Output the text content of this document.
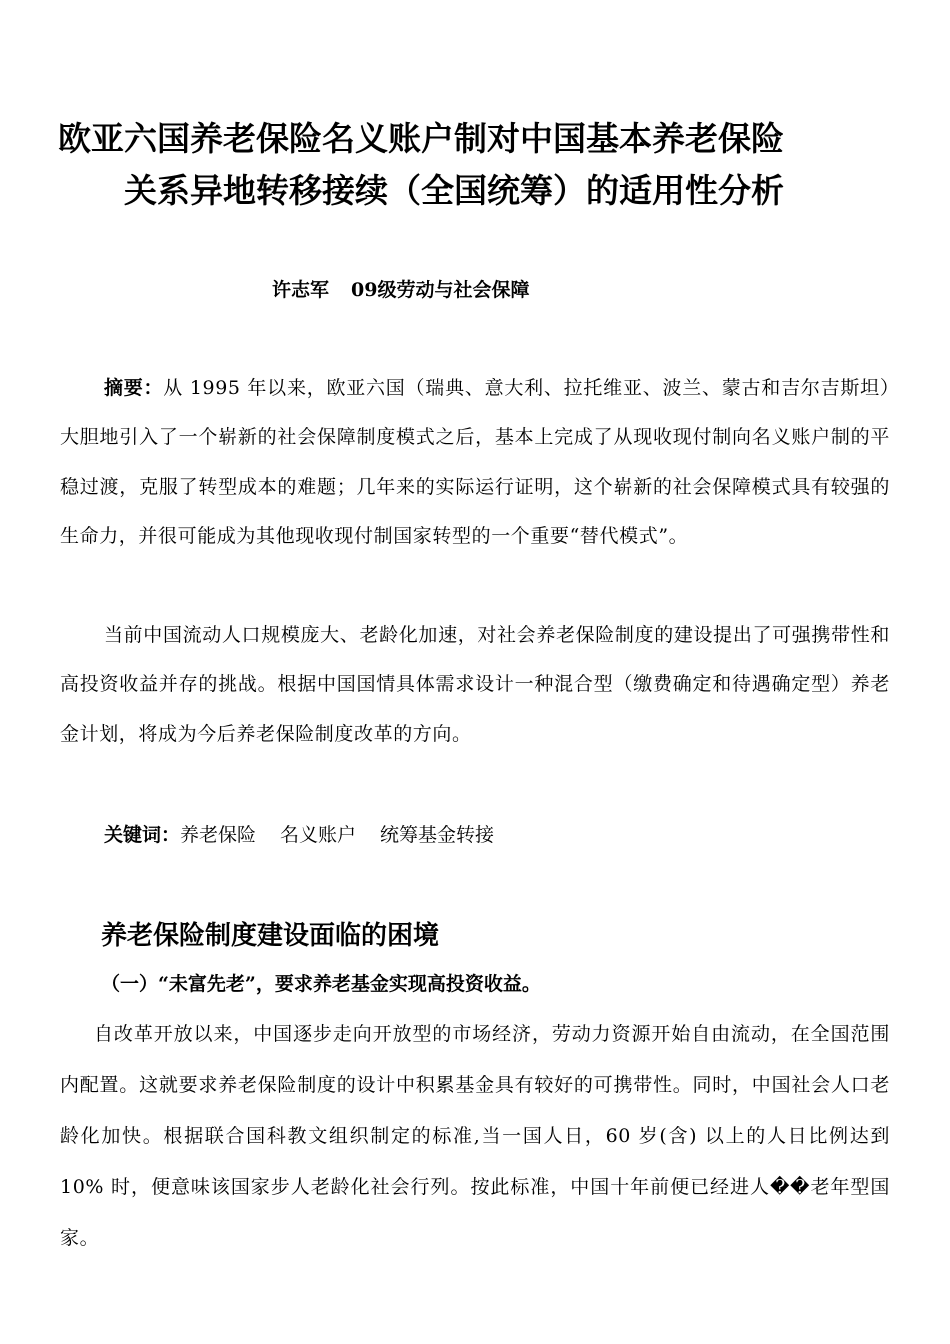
欧亚六国养老保险名义账户制对中国基本养老保险
关系异地转移接续（全国统筹）的适用性分析
许志军 09级劳动与社会保障
摘要：从 1995 年以来，欧亚六国（瑞典、意大利、拉托维亚、波兰、蒙古和吉尔吉斯坦）大胆地引入了一个崭新的社会保障制度模式之后，基本上完成了从现收现付制向名义账户制的平稳过渡，克服了转型成本的难题；几年来的实际运行证明，这个崭新的社会保障模式具有较强的生命力，并很可能成为其他现收现付制国家转型的一个重要“替代模式”。
当前中国流动人口规模庞大、老龄化加速，对社会养老保险制度的建设提出了可强携带性和高投资收益并存的挑战。根据中国国情具体需求设计一种混合型（缴费确定和待遇确定型）养老金计划，将成为今后养老保险制度改革的方向。
关键词：养老保险 名义账户 统筹基金转接
养老保险制度建设面临的困境
（一）“未富先老”，要求养老基金实现高投资收益。
自改革开放以来，中国逐步走向开放型的市场经济，劳动力资源开始自由流动，在全国范围内配置。这就要求养老保险制度的设计中积累基金具有较好的可携带性。同时，中国社会人口老龄化加快。根据联合国科教文组织制定的标准,当一国人日，60 岁(含) 以上的人日比例达到10% 时，便意味该国家步人老龄化社会行列。按此标准，中国十年前便已经进人��老年型国家。
